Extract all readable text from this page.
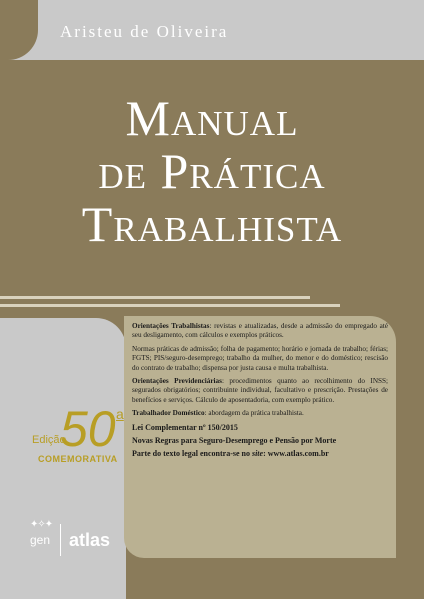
Aristeu de Oliveira
Manual
de Prática
Trabalhista
Edição
50 a
COMEMORATIVA

Orientações Trabalhistas: revistas e atualizadas, desde a admissão do empregado até seu desligamento, com cálculos e exemplos práticos.

Normas práticas de admissão; folha de pagamento; horário e jornada de trabalho; férias; FGTS; PIS/seguro-desemprego; trabalho da mulher, do menor e do doméstico; rescisão do contrato de trabalho; dispensa por justa causa e multa trabalhista.

Orientações Previdenciárias: procedimentos quanto ao recolhimento do INSS; segurados obrigatórios; contribuinte individual, facultativo e prescrição. Prestações de benefícios e serviços. Cálculo de aposentadoria, com exemplo prático.

Trabalhador Doméstico: abordagem da prática trabalhista.

Lei Complementar nº 150/2015

Novas Regras para Seguro-Desemprego e Pensão por Morte

Parte do texto legal encontra-se no site: www.atlas.com.br

✦✧✦
gen atlas
